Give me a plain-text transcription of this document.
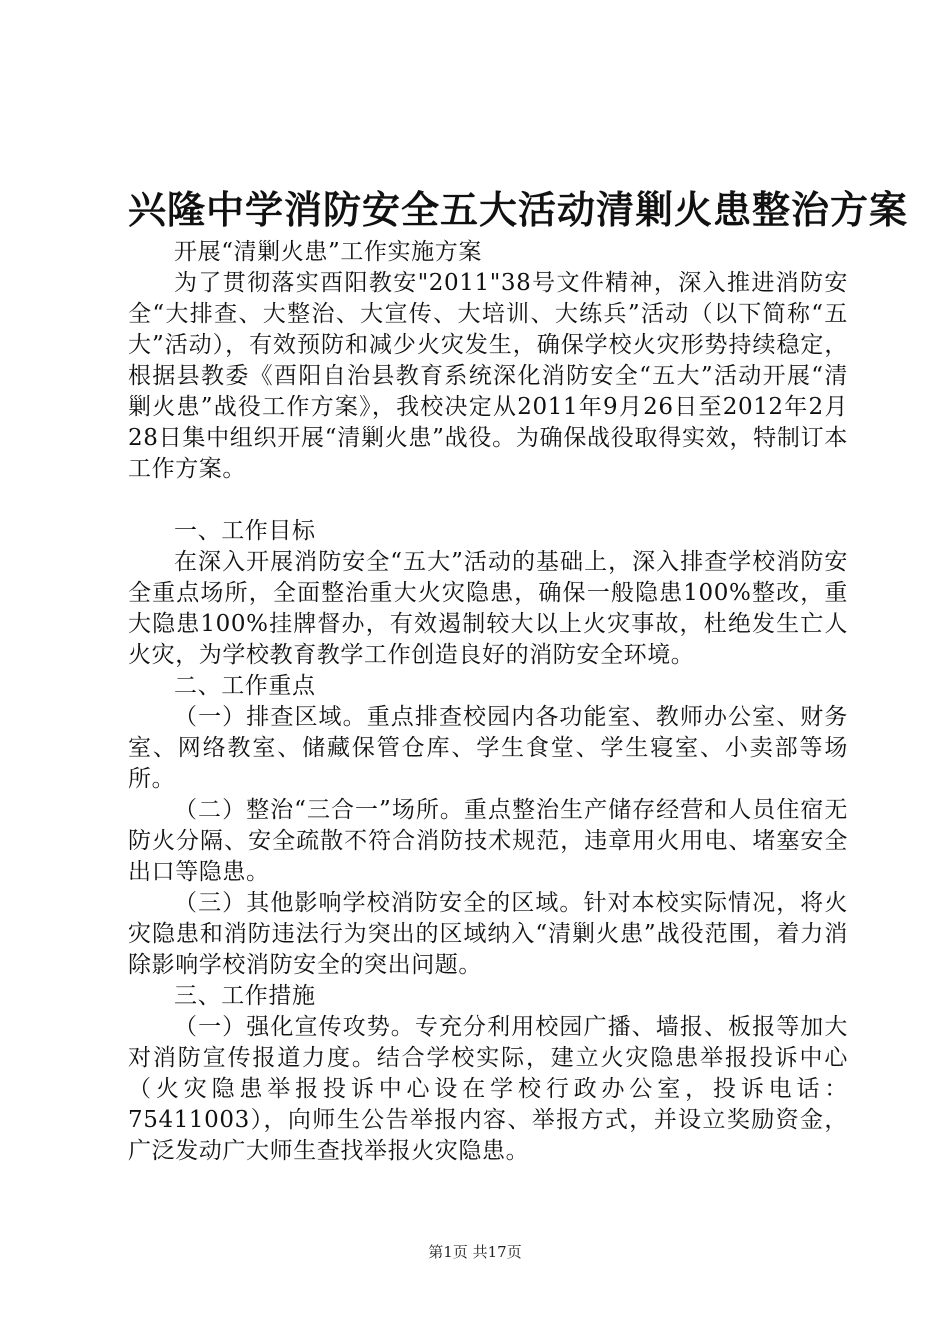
兴隆中学消防安全五大活动清剿火患整治方案

开展“清剿火患”工作实施方案

为了贯彻落实酉阳教安"2011"38号文件精神，深入推进消防安全“大排查、大整治、大宣传、大培训、大练兵”活动（以下简称“五大”活动），有效预防和减少火灾发生，确保学校火灾形势持续稳定，根据县教委《酉阳自治县教育系统深化消防安全“五大”活动开展“清剿火患”战役工作方案》，我校决定从2011年9月26日至2012年2月28日集中组织开展“清剿火患”战役。为确保战役取得实效，特制订本工作方案。

一、工作目标

在深入开展消防安全“五大”活动的基础上，深入排查学校消防安全重点场所，全面整治重大火灾隐患，确保一般隐患100%整改，重大隐患100%挂牌督办，有效遏制较大以上火灾事故，杜绝发生亡人火灾，为学校教育教学工作创造良好的消防安全环境。

二、工作重点

（一）排查区域。重点排查校园内各功能室、教师办公室、财务室、网络教室、储藏保管仓库、学生食堂、学生寝室、小卖部等场所。

（二）整治“三合一”场所。重点整治生产储存经营和人员住宿无防火分隔、安全疏散不符合消防技术规范，违章用火用电、堵塞安全出口等隐患。

（三）其他影响学校消防安全的区域。针对本校实际情况，将火灾隐患和消防违法行为突出的区域纳入“清剿火患”战役范围，着力消除影响学校消防安全的突出问题。

三、工作措施

（一）强化宣传攻势。专充分利用校园广播、墙报、板报等加大对消防宣传报道力度。结合学校实际，建立火灾隐患举报投诉中心（火灾隐患举报投诉中心设在学校行政办公室，投诉电话：75411003），向师生公告举报内容、举报方式，并设立奖励资金，广泛发动广大师生查找举报火灾隐患。

第1页 共17页
